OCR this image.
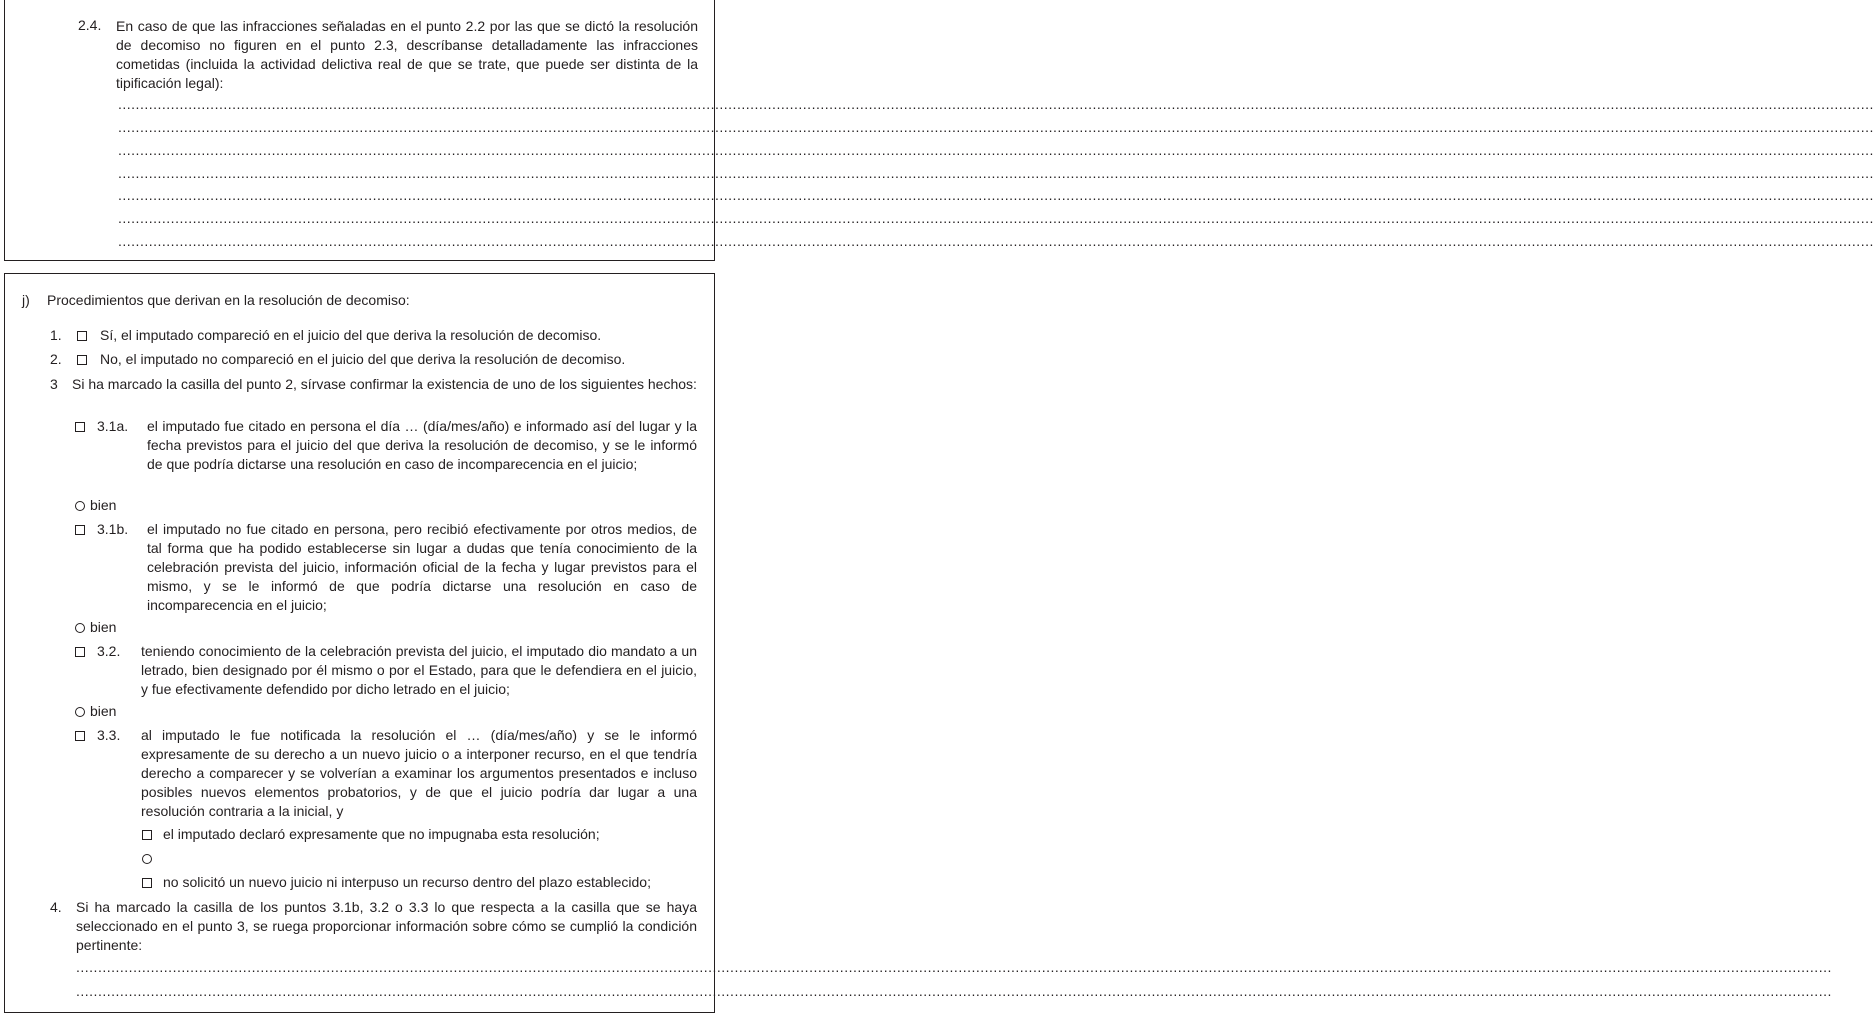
2.4. En caso de que las infracciones señaladas en el punto 2.2 por las que se dictó la resolución de decomiso no figuren en el punto 2.3, descríbanse detalladamente las infracciones cometidas (incluida la actividad delictiva real de que se trate, que puede ser distinta de la tipificación legal):
................................................................................................................................................................................................................................................................................................................................................................................................................
................................................................................................................................................................................................................................................................................................................................................................................................................
................................................................................................................................................................................................................................................................................................................................................................................................................
................................................................................................................................................................................................................................................................................................................................................................................................................
................................................................................................................................................................................................................................................................................................................................................................................................................
................................................................................................................................................................................................................................................................................................................................................................................................................
................................................................................................................................................................................................................................................................................................................................................................................................................
j) Procedimientos que derivan en la resolución de decomiso:
1.	Sí, el imputado compareció en el juicio del que deriva la resolución de decomiso.
2.	No, el imputado no compareció en el juicio del que deriva la resolución de decomiso.
3 Si ha marcado la casilla del punto 2, sírvase confirmar la existencia de uno de los siguientes hechos:
3.1a. el imputado fue citado en persona el día … (día/mes/año) e informado así del lugar y la fecha previstos para el juicio del que deriva la resolución de decomiso, y se le informó de que podría dictarse una resolución en caso de incomparecencia en el juicio;
bien
3.1b. el imputado no fue citado en persona, pero recibió efectivamente por otros medios, de tal forma que ha podido establecerse sin lugar a dudas que tenía conocimiento de la celebración prevista del juicio, información oficial de la fecha y lugar previstos para el mismo, y se le informó de que podría dictarse una resolución en caso de incomparecencia en el juicio;
bien
3.2. teniendo conocimiento de la celebración prevista del juicio, el imputado dio mandato a un letrado, bien designado por él mismo o por el Estado, para que le defendiera en el juicio, y fue efectivamente defendido por dicho letrado en el juicio;
bien
3.3. al imputado le fue notificada la resolución el … (día/mes/año) y se le informó expresamente de su derecho a un nuevo juicio o a interponer recurso, en el que tendría derecho a comparecer y se volverían a examinar los argumentos presentados e incluso posibles nuevos elementos probatorios, y de que el juicio podría dar lugar a una resolución contraria a la inicial, y
el imputado declaró expresamente que no impugnaba esta resolución;
no solicitó un nuevo juicio ni interpuso un recurso dentro del plazo establecido;
4. Si ha marcado la casilla de los puntos 3.1b, 3.2 o 3.3 lo que respecta a la casilla que se haya seleccionado en el punto 3, se ruega proporcionar información sobre cómo se cumplió la condición pertinente:
................................................................................................................................................................................................................................................................................................................................................................................................................
................................................................................................................................................................................................................................................................................................................................................................................................................
